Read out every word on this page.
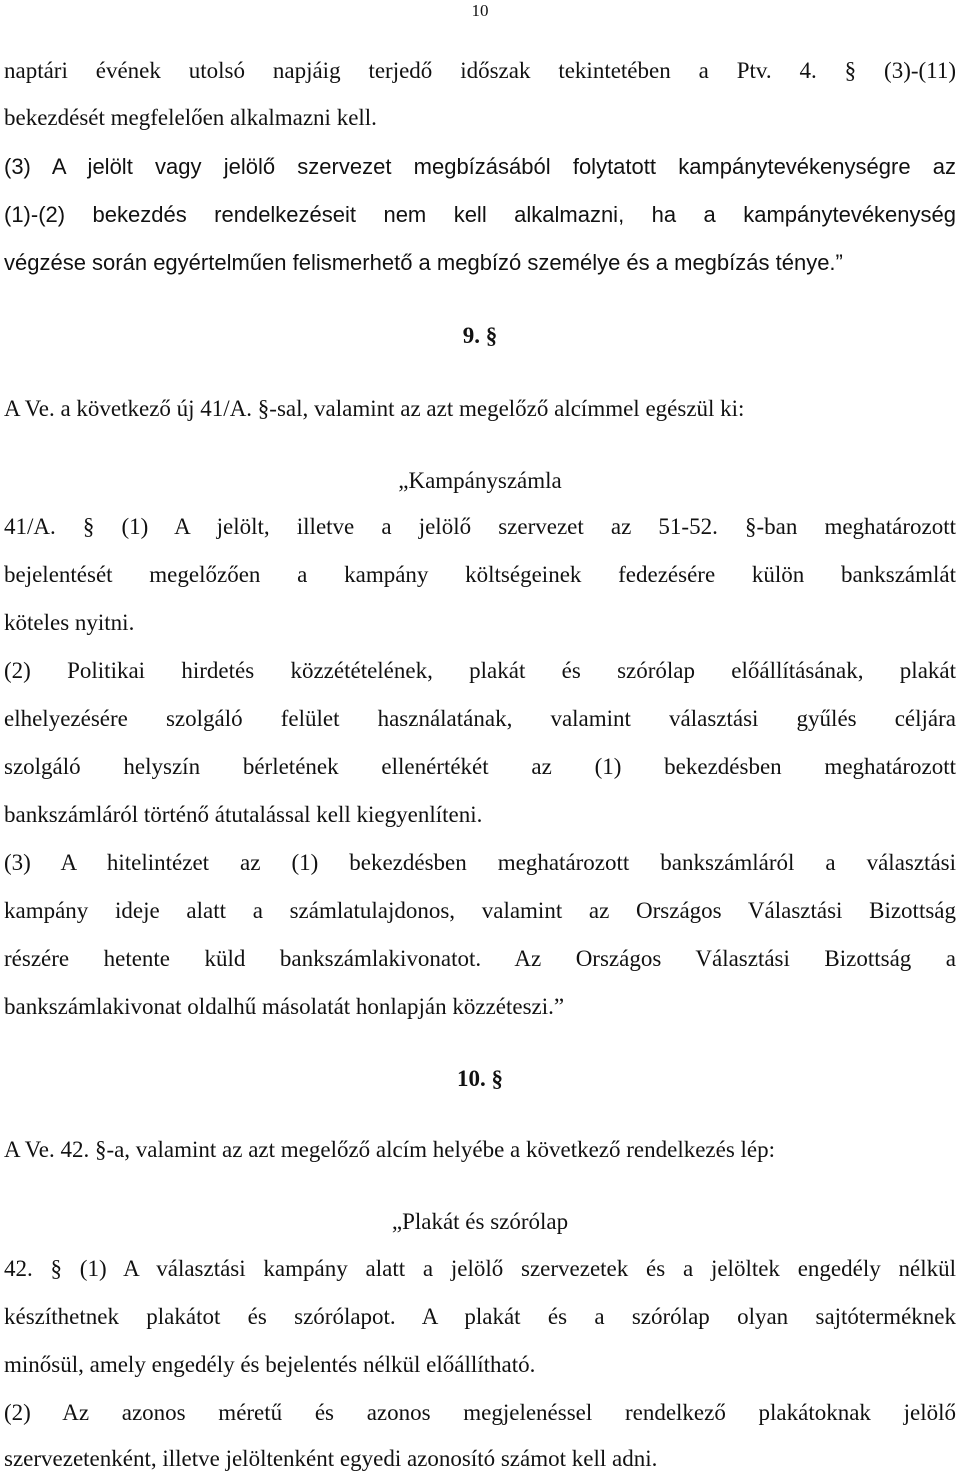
10
naptári évének utolsó napjáig terjedő időszak tekintetében a Ptv. 4. § (3)-(11)
bekezdését megfelelően alkalmazni kell.
(3) A jelölt vagy jelölő szervezet megbízásából folytatott kampánytevékenységre az
(1)-(2) bekezdés rendelkezéseit nem kell alkalmazni, ha a kampánytevékenység
végzése során egyértelműen felismerhető a megbízó személye és a megbízás ténye.”
9. §
A Ve. a következő új 41/A. §-sal, valamint az azt megelőző alcímmel egészül ki:
„Kampányszámla
41/A. § (1) A jelölt, illetve a jelölő szervezet az 51-52. §-ban meghatározott
bejelentését megelőzően a kampány költségeinek fedezésére külön bankszámlát
köteles nyitni.
(2) Politikai hirdetés közzétételének, plakát és szórólap előállításának, plakát
elhelyezésére szolgáló felület használatának, valamint választási gyűlés céljára
szolgáló helyszín bérletének ellenértékét az (1) bekezdésben meghatározott
bankszámláról történő átutalással kell kiegyenlíteni.
(3) A hitelintézet az (1) bekezdésben meghatározott bankszámláról a választási
kampány ideje alatt a számlatulajdonos, valamint az Országos Választási Bizottság
részére hetente küld bankszámlakivonatot. Az Országos Választási Bizottság a
bankszámlakivonat oldalhű másolatát honlapján közzéteszi.”
10. §
A Ve. 42. §-a, valamint az azt megelőző alcím helyébe a következő rendelkezés lép:
„Plakát és szórólap
42. § (1) A választási kampány alatt a jelölő szervezetek és a jelöltek engedély nélkül
készíthetnek plakátot és szórólapot. A plakát és a szórólap olyan sajtóterméknek
minősül, amely engedély és bejelentés nélkül előállítható.
(2) Az azonos méretű és azonos megjelenéssel rendelkező plakátoknak jelölő
szervezetenként, illetve jelöltenként egyedi azonosító számot kell adni.
